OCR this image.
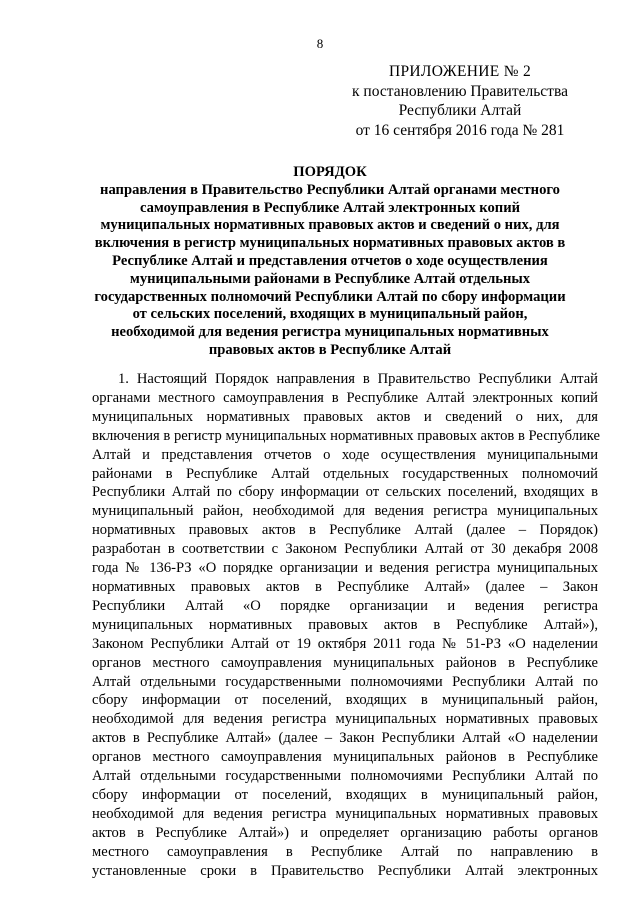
8
ПРИЛОЖЕНИЕ № 2
к постановлению Правительства
Республики Алтай
от 16 сентября 2016 года № 281
ПОРЯДОК
направления в Правительство Республики Алтай органами местного
самоуправления в Республике Алтай электронных копий
муниципальных нормативных правовых актов и сведений о них, для
включения в регистр муниципальных нормативных правовых актов в
Республике Алтай и представления отчетов о ходе осуществления
муниципальными районами в Республике Алтай отдельных
государственных полномочий Республики Алтай по сбору информации
от сельских поселений, входящих в муниципальный район,
необходимой для ведения регистра муниципальных нормативных
правовых актов в Республике Алтай
1. Настоящий Порядок направления в Правительство Республики Алтай
органами местного самоуправления в Республике Алтай электронных копий
муниципальных нормативных правовых актов и сведений о них, для
включения в регистр муниципальных нормативных правовых актов в Республике
Алтай и представления отчетов о ходе осуществления муниципальными
районами в Республике Алтай отдельных государственных полномочий
Республики Алтай по сбору информации от сельских поселений, входящих в
муниципальный район, необходимой для ведения регистра муниципальных
нормативных правовых актов в Республике Алтай (далее – Порядок)
разработан в соответствии с Законом Республики Алтай от 30 декабря 2008
года № 136-РЗ «О порядке организации и ведения регистра муниципальных
нормативных правовых актов в Республике Алтай» (далее – Закон
Республики Алтай «О порядке организации и ведения регистра
муниципальных нормативных правовых актов в Республике Алтай»),
Законом Республики Алтай от 19 октября 2011 года № 51-РЗ «О наделении
органов местного самоуправления муниципальных районов в Республике
Алтай отдельными государственными полномочиями Республики Алтай по
сбору информации от поселений, входящих в муниципальный район,
необходимой для ведения регистра муниципальных нормативных правовых
актов в Республике Алтай» (далее – Закон Республики Алтай «О наделении
органов местного самоуправления муниципальных районов в Республике
Алтай отдельными государственными полномочиями Республики Алтай по
сбору информации от поселений, входящих в муниципальный район,
необходимой для ведения регистра муниципальных нормативных правовых
актов в Республике Алтай») и определяет организацию работы органов
местного самоуправления в Республике Алтай по направлению в
установленные сроки в Правительство Республики Алтай электронных
